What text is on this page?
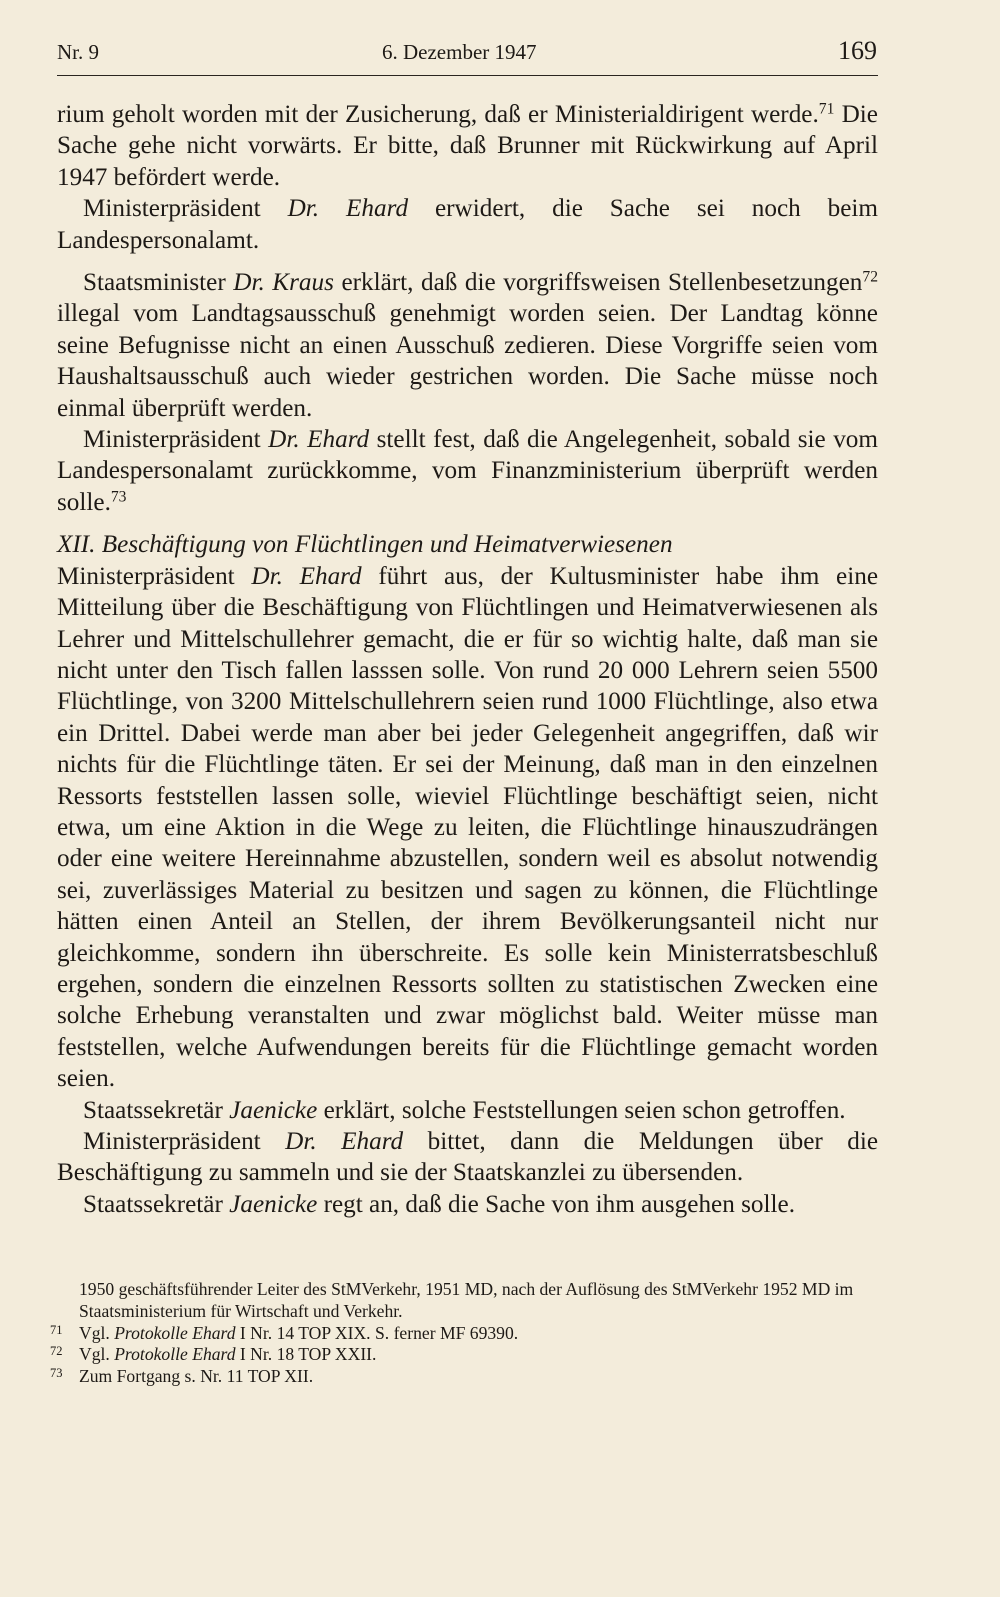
Nr. 9	6. Dezember 1947	169

rium geholt worden mit der Zusicherung, daß er Ministerialdirigent werde.$^{71}$ Die Sache gehe nicht vorwärts. Er bitte, daß Brunner mit Rückwirkung auf April 1947 befördert werde.

Ministerpräsident Dr. Ehard erwidert, die Sache sei noch beim Landespersonalamt.

Staatsminister Dr. Kraus erklärt, daß die vorgriffsweisen Stellenbesetzungen$^{72}$ illegal vom Landtagsausschuß genehmigt worden seien. Der Landtag könne seine Befugnisse nicht an einen Ausschuß zedieren. Diese Vorgriffe seien vom Haushaltsausschuß auch wieder gestrichen worden. Die Sache müsse noch einmal überprüft werden.

Ministerpräsident Dr. Ehard stellt fest, daß die Angelegenheit, sobald sie vom Landespersonalamt zurückkomme, vom Finanzministerium überprüft werden solle.$^{73}$

XII. Beschäftigung von Flüchtlingen und Heimatverwiesenen

Ministerpräsident Dr. Ehard führt aus, der Kultusminister habe ihm eine Mitteilung über die Beschäftigung von Flüchtlingen und Heimatverwiesenen als Lehrer und Mittelschullehrer gemacht, die er für so wichtig halte, daß man sie nicht unter den Tisch fallen lasssen solle. Von rund 20 000 Lehrern seien 5500 Flüchtlinge, von 3200 Mittelschullehrern seien rund 1000 Flüchtlinge, also etwa ein Drittel. Dabei werde man aber bei jeder Gelegenheit angegriffen, daß wir nichts für die Flüchtlinge täten. Er sei der Meinung, daß man in den einzelnen Ressorts feststellen lassen solle, wieviel Flüchtlinge beschäftigt seien, nicht etwa, um eine Aktion in die Wege zu leiten, die Flüchtlinge hinauszudrängen oder eine weitere Hereinnahme abzustellen, sondern weil es absolut notwendig sei, zuverlässiges Material zu besitzen und sagen zu können, die Flüchtlinge hätten einen Anteil an Stellen, der ihrem Bevölkerungsanteil nicht nur gleichkomme, sondern ihn überschreite. Es solle kein Ministerratsbeschluß ergehen, sondern die einzelnen Ressorts sollten zu statistischen Zwecken eine solche Erhebung veranstalten und zwar möglichst bald. Weiter müsse man feststellen, welche Aufwendungen bereits für die Flüchtlinge gemacht worden seien.

Staatssekretär Jaenicke erklärt, solche Feststellungen seien schon getroffen.

Ministerpräsident Dr. Ehard bittet, dann die Meldungen über die Beschäftigung zu sammeln und sie der Staatskanzlei zu übersenden.

Staatssekretär Jaenicke regt an, daß die Sache von ihm ausgehen solle.

1950 geschäftsführender Leiter des StMVerkehr, 1951 MD, nach der Auflösung des StMVerkehr 1952 MD im Staatsministerium für Wirtschaft und Verkehr.

71 Vgl. Protokolle Ehard I Nr. 14 TOP XIX. S. ferner MF 69390.

72 Vgl. Protokolle Ehard I Nr. 18 TOP XXII.

73 Zum Fortgang s. Nr. 11 TOP XII.
